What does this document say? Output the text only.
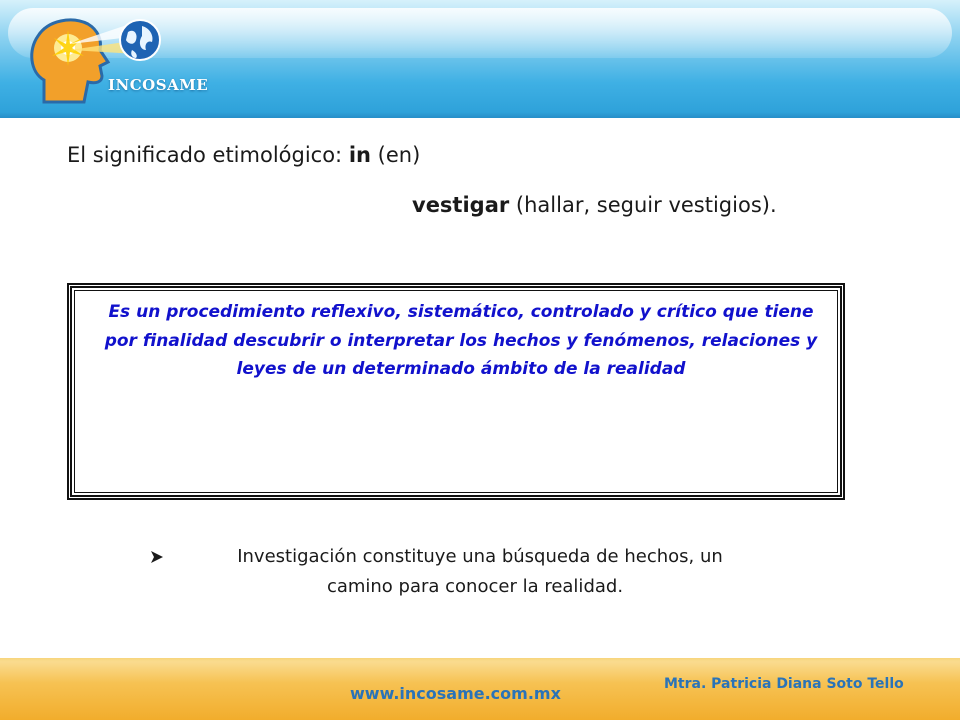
INCOSAME
El significado etimológico: in (en)
vestigar (hallar, seguir vestigios).
Es un procedimiento reflexivo, sistemático, controlado y crítico que tiene por finalidad descubrir o interpretar los hechos y fenómenos, relaciones y leyes de un determinado ámbito de la realidad
Investigación constituye una búsqueda de hechos, un
camino para conocer la realidad.
www.incosame.com.mx	Mtra. Patricia Diana Soto Tello
